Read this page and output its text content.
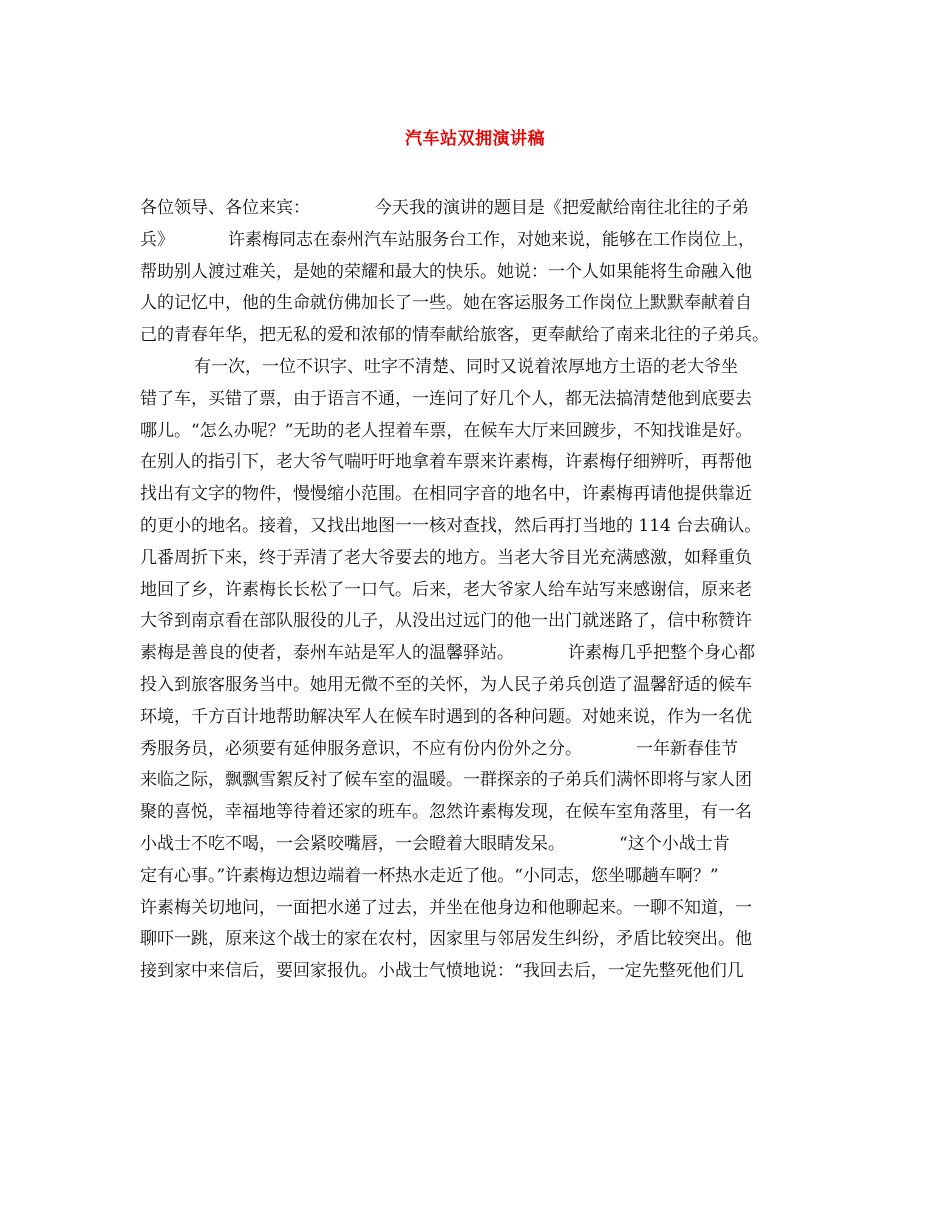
汽车站双拥演讲稿
各位领导、各位来宾：            今天我的演讲的题目是《把爱献给南往北往的子弟
兵》          许素梅同志在泰州汽车站服务台工作，对她来说，能够在工作岗位上，
帮助别人渡过难关，是她的荣耀和最大的快乐。她说：一个人如果能将生命融入他
人的记忆中，他的生命就仿佛加长了一些。她在客运服务工作岗位上默默奉献着自
己的青春年华，把无私的爱和浓郁的情奉献给旅客，更奉献给了南来北往的子弟兵。
有一次，一位不识字、吐字不清楚、同时又说着浓厚地方土语的老大爷坐
错了车，买错了票，由于语言不通，一连问了好几个人，都无法搞清楚他到底要去
哪儿。“怎么办呢？”无助的老人捏着车票，在候车大厅来回踱步，不知找谁是好。
在别人的指引下，老大爷气喘吁吁地拿着车票来许素梅，许素梅仔细辨听，再帮他
找出有文字的物件，慢慢缩小范围。在相同字音的地名中，许素梅再请他提供靠近
的更小的地名。接着，又找出地图一一核对查找，然后再打当地的 114 台去确认。
几番周折下来，终于弄清了老大爷要去的地方。当老大爷目光充满感激，如释重负
地回了乡，许素梅长长松了一口气。后来，老大爷家人给车站写来感谢信，原来老
大爷到南京看在部队服役的儿子，从没出过远门的他一出门就迷路了，信中称赞许
素梅是善良的使者，泰州车站是军人的温馨驿站。          许素梅几乎把整个身心都
投入到旅客服务当中。她用无微不至的关怀，为人民子弟兵创造了温馨舒适的候车
环境，千方百计地帮助解决军人在候车时遇到的各种问题。对她来说，作为一名优
秀服务员，必须要有延伸服务意识，不应有份内份外之分。          一年新春佳节
来临之际，飘飘雪絮反衬了候车室的温暖。一群探亲的子弟兵们满怀即将与家人团
聚的喜悦，幸福地等待着还家的班车。忽然许素梅发现，在候车室角落里，有一名
小战士不吃不喝，一会紧咬嘴唇，一会瞪着大眼睛发呆。          “这个小战士肯
定有心事。”许素梅边想边端着一杯热水走近了他。“小同志，您坐哪趟车啊？”
许素梅关切地问，一面把水递了过去，并坐在他身边和他聊起来。一聊不知道，一
聊吓一跳，原来这个战士的家在农村，因家里与邻居发生纠纷，矛盾比较突出。他
接到家中来信后，要回家报仇。小战士气愤地说：“我回去后，一定先整死他们几
